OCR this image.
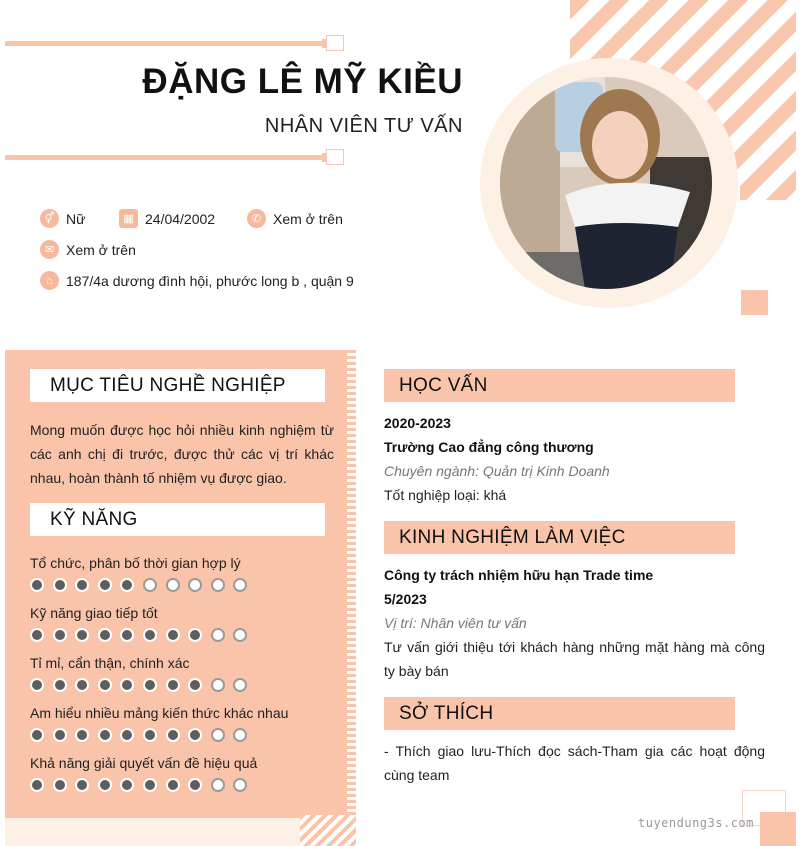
ĐẶNG LÊ MỸ KIỀU
NHÂN VIÊN TƯ VẤN
⚥ Nữ	▦ 24/04/2002	✆ Xem ở trên
✉ Xem ở trên
⌂ 187/4a dương đình hội, phước long b , quận 9
MỤC TIÊU NGHỀ NGHIỆP
Mong muốn được học hỏi nhiều kinh nghiệm từ các anh chị đi trước, được thử các vị trí khác nhau, hoàn thành tố nhiệm vụ được giao.
KỸ NĂNG
Tổ chức, phân bố thời gian hợp lý
Kỹ năng giao tiếp tốt
Tỉ mỉ, cẩn thận, chính xác
Am hiểu nhiều mảng kiến thức khác nhau
Khả năng giải quyết vấn đề hiệu quả
HỌC VẤN
2020-2023
Trường Cao đẳng công thương
Chuyên ngành: Quản trị Kinh Doanh
Tốt nghiệp loại: khá
KINH NGHIỆM LÀM VIỆC
Công ty trách nhiệm hữu hạn Trade time
5/2023
Vị trí: Nhân viên tư vấn
Tư vấn giới thiệu tới khách hàng những mặt hàng mà công ty bày bán
SỞ THÍCH
- Thích giao lưu-Thích đọc sách-Tham gia các hoạt động cùng team
tuyendung3s.com
